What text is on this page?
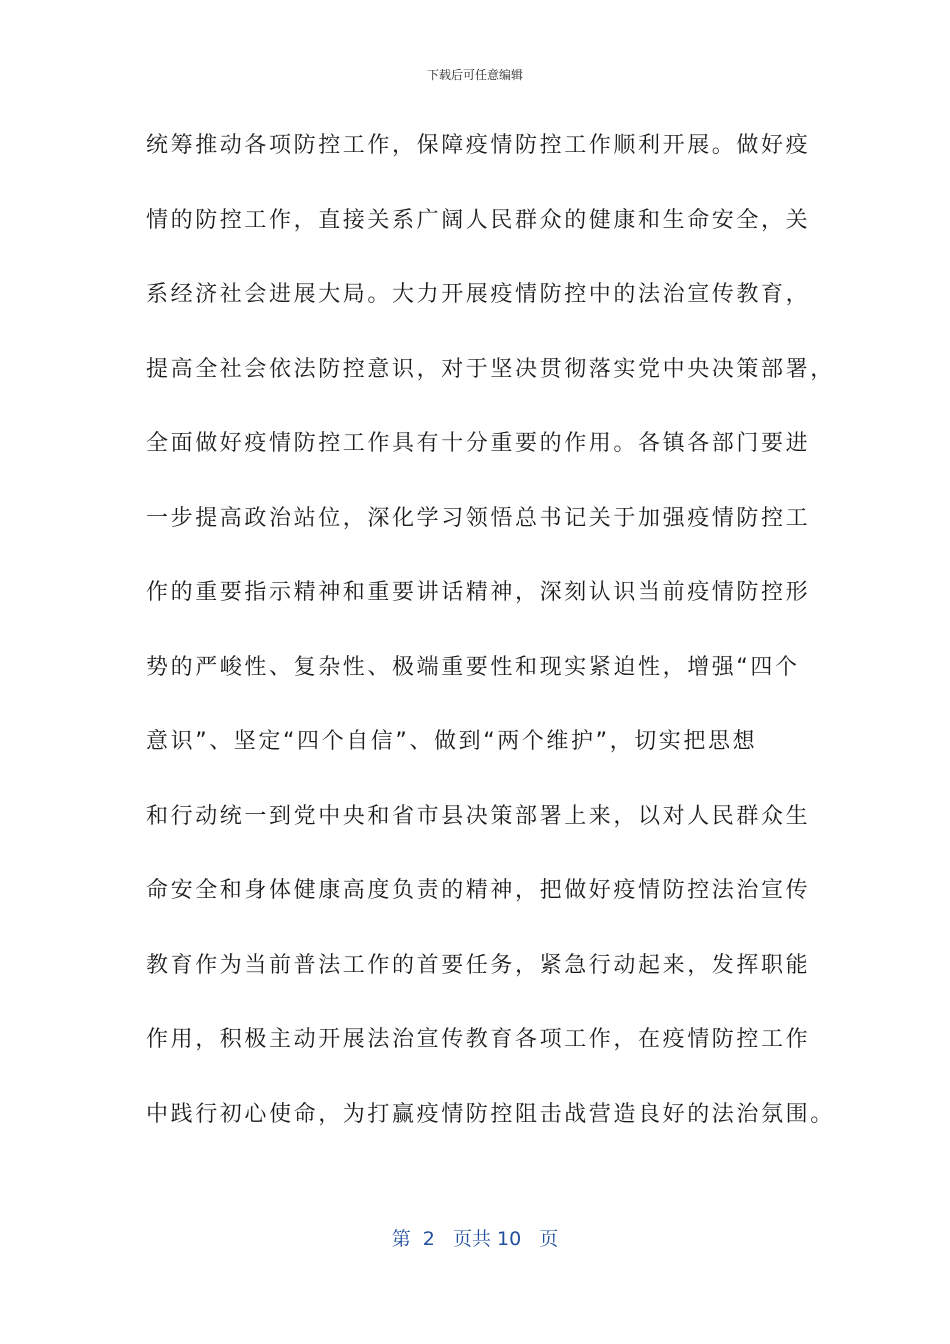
下载后可任意编辑
统筹推动各项防控工作，保障疫情防控工作顺利开展。做好疫
情的防控工作，直接关系广阔人民群众的健康和生命安全，关
系经济社会进展大局。大力开展疫情防控中的法治宣传教育，
提高全社会依法防控意识，对于坚决贯彻落实党中央决策部署，
全面做好疫情防控工作具有十分重要的作用。各镇各部门要进
一步提高政治站位，深化学习领悟总书记关于加强疫情防控工
作的重要指示精神和重要讲话精神，深刻认识当前疫情防控形
势的严峻性、复杂性、极端重要性和现实紧迫性，增强“四个
意识”、坚定“四个自信”、做到“两个维护”，切实把思想
和行动统一到党中央和省市县决策部署上来，以对人民群众生
命安全和身体健康高度负责的精神，把做好疫情防控法治宣传
教育作为当前普法工作的首要任务，紧急行动起来，发挥职能
作用，积极主动开展法治宣传教育各项工作，在疫情防控工作
中践行初心使命，为打赢疫情防控阻击战营造良好的法治氛围。
第  2   页共 10   页
